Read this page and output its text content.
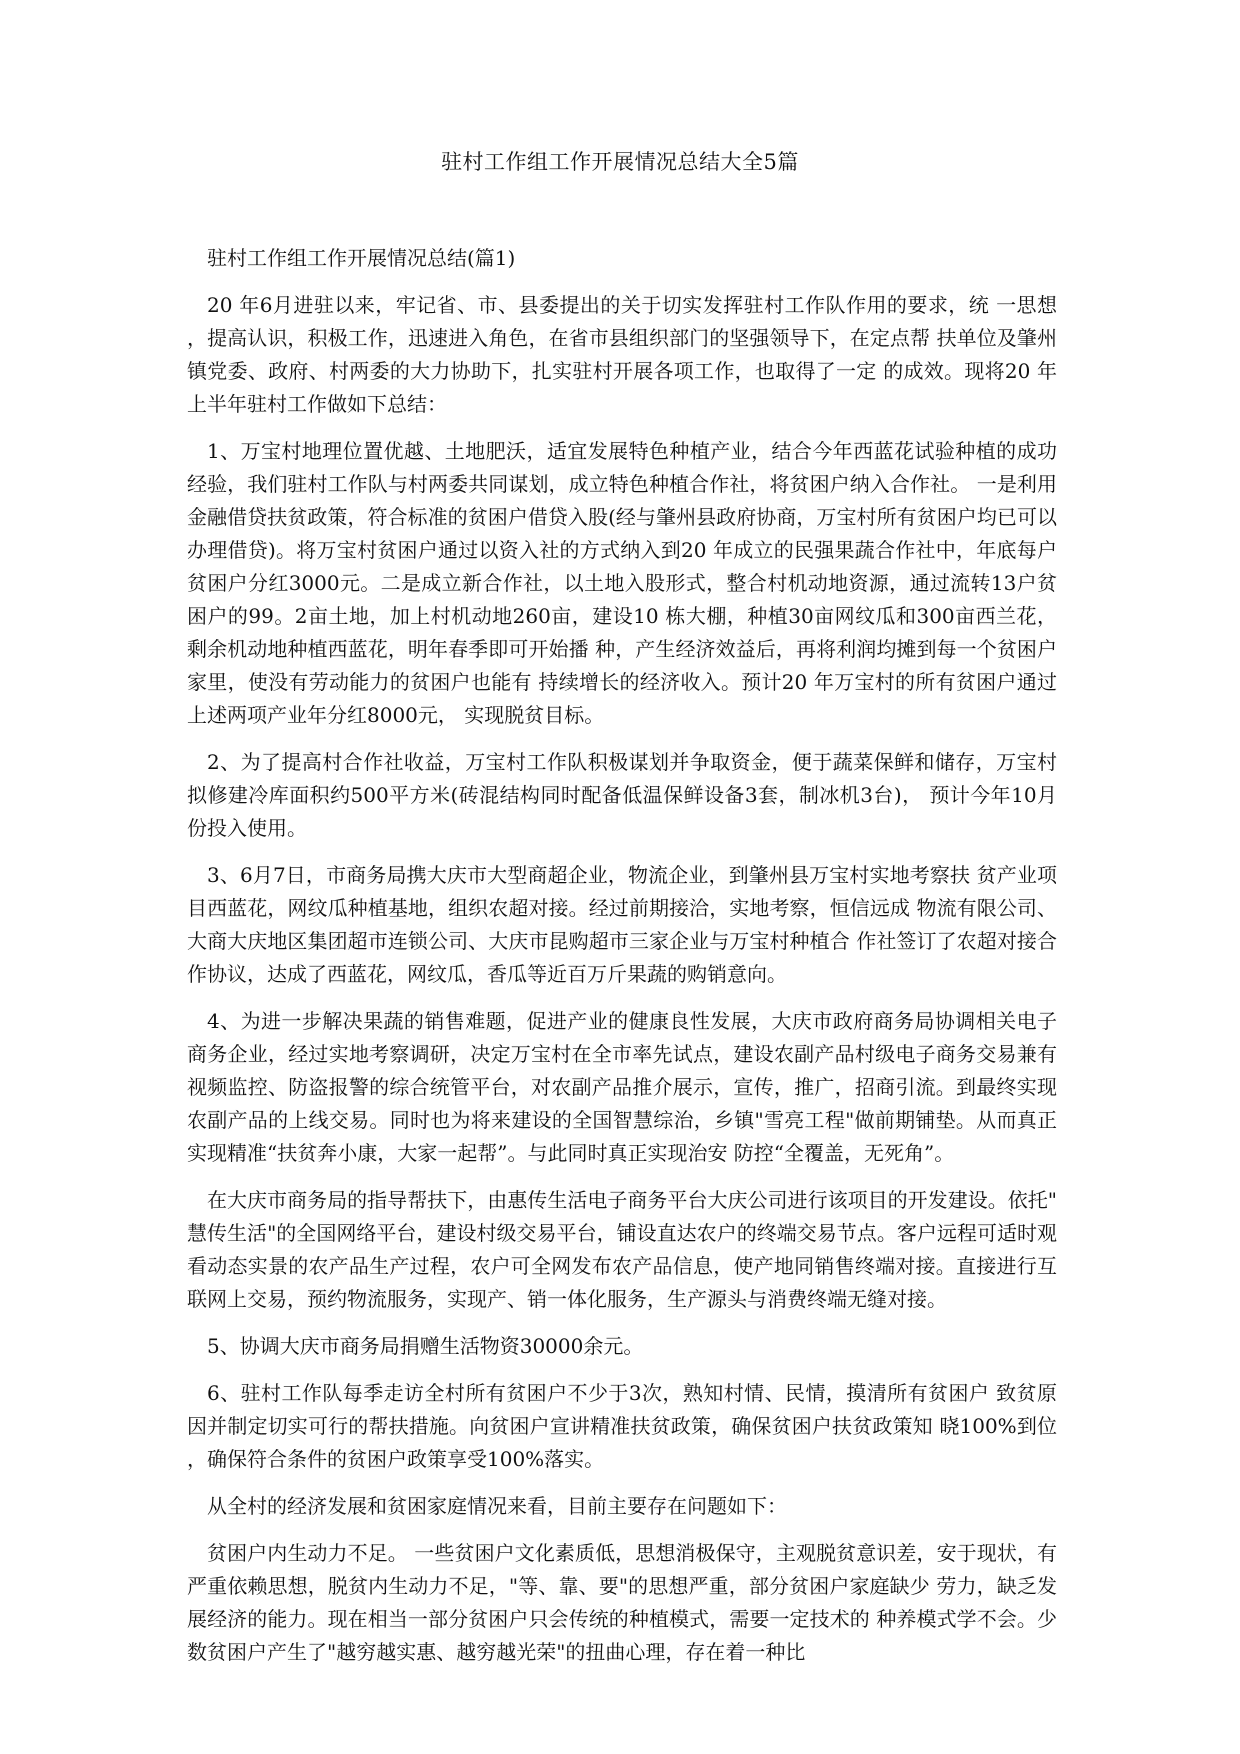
驻村工作组工作开展情况总结大全5篇
驻村工作组工作开展情况总结(篇1)

20 年6月进驻以来，牢记省、市、县委提出的关于切实发挥驻村工作队作用的要求，统 一思想，提高认识，积极工作，迅速进入角色，在省市县组织部门的坚强领导下，在定点帮 扶单位及肇州镇党委、政府、村两委的大力协助下，扎实驻村开展各项工作，也取得了一定 的成效。现将20 年上半年驻村工作做如下总结：

1、万宝村地理位置优越、土地肥沃，适宜发展特色种植产业，结合今年西蓝花试验种植的成功经验，我们驻村工作队与村两委共同谋划，成立特色种植合作社，将贫困户纳入合作社。 一是利用金融借贷扶贫政策，符合标准的贫困户借贷入股(经与肇州县政府协商，万宝村所有贫困户均已可以办理借贷)。将万宝村贫困户通过以资入社的方式纳入到20 年成立的民强果蔬合作社中，年底每户贫困户分红3000元。二是成立新合作社，以土地入股形式，整合村机动地资源，通过流转13户贫困户的99。2亩土地，加上村机动地260亩，建设10 栋大棚，种植30亩网纹瓜和300亩西兰花，剩余机动地种植西蓝花，明年春季即可开始播 种，产生经济效益后，再将利润均摊到每一个贫困户家里，使没有劳动能力的贫困户也能有 持续增长的经济收入。预计20 年万宝村的所有贫困户通过上述两项产业年分红8000元， 实现脱贫目标。

2、为了提高村合作社收益，万宝村工作队积极谋划并争取资金，便于蔬菜保鲜和储存，万宝村拟修建冷库面积约500平方米(砖混结构同时配备低温保鲜设备3套，制冰机3台)， 预计今年10月份投入使用。

3、6月7日，市商务局携大庆市大型商超企业，物流企业，到肇州县万宝村实地考察扶 贫产业项目西蓝花，网纹瓜种植基地，组织农超对接。经过前期接洽，实地考察，恒信远成 物流有限公司、大商大庆地区集团超市连锁公司、大庆市昆购超市三家企业与万宝村种植合 作社签订了农超对接合作协议，达成了西蓝花，网纹瓜，香瓜等近百万斤果蔬的购销意向。

4、为进一步解决果蔬的销售难题，促进产业的健康良性发展，大庆市政府商务局协调相关电子商务企业，经过实地考察调研，决定万宝村在全市率先试点，建设农副产品村级电子商务交易兼有视频监控、防盗报警的综合统管平台，对农副产品推介展示，宣传，推广，招商引流。到最终实现农副产品的上线交易。同时也为将来建设的全国智慧综治，乡镇"雪亮工程"做前期铺垫。从而真正实现精准“扶贫奔小康，大家一起帮”。与此同时真正实现治安 防控“全覆盖，无死角”。

在大庆市商务局的指导帮扶下，由惠传生活电子商务平台大庆公司进行该项目的开发建设。依托"慧传生活"的全国网络平台，建设村级交易平台，铺设直达农户的终端交易节点。客户远程可适时观看动态实景的农产品生产过程，农户可全网发布农产品信息，使产地同销售终端对接。直接进行互联网上交易，预约物流服务，实现产、销一体化服务，生产源头与消费终端无缝对接。

5、协调大庆市商务局捐赠生活物资30000余元。

6、驻村工作队每季走访全村所有贫困户不少于3次，熟知村情、民情，摸清所有贫困户 致贫原因并制定切实可行的帮扶措施。向贫困户宣讲精准扶贫政策，确保贫困户扶贫政策知 晓100%到位，确保符合条件的贫困户政策享受100%落实。

从全村的经济发展和贫困家庭情况来看，目前主要存在问题如下：

贫困户内生动力不足。 一些贫困户文化素质低，思想消极保守，主观脱贫意识差，安于现状，有严重依赖思想，脱贫内生动力不足，"等、靠、要"的思想严重，部分贫困户家庭缺少 劳力，缺乏发展经济的能力。现在相当一部分贫困户只会传统的种植模式，需要一定技术的 种养模式学不会。少数贫困户产生了"越穷越实惠、越穷越光荣"的扭曲心理，存在着一种比
